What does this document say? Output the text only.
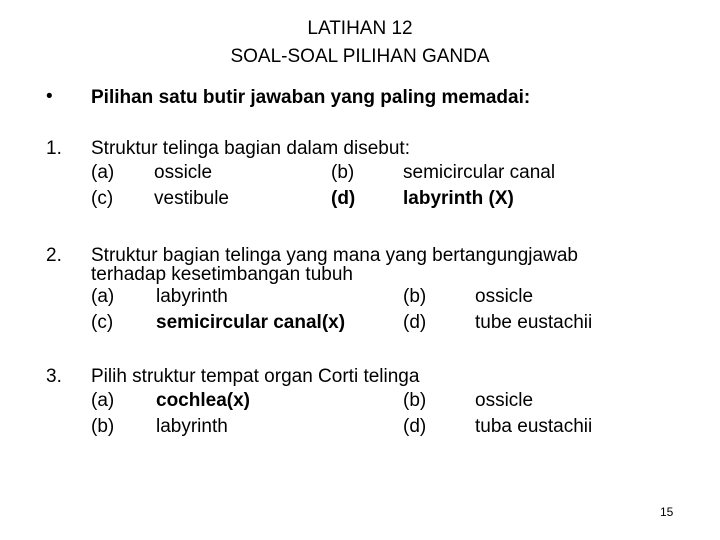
LATIHAN 12
SOAL-SOAL PILIHAN GANDA
• Pilihan satu butir jawaban yang paling memadai:
1. Struktur telinga bagian dalam disebut:
(a) ossicle	(b)	semicircular canal
(c) vestibule	(d)	labyrinth (X)
2. Struktur bagian telinga yang mana yang bertangungjawab
terhadap kesetimbangan tubuh
(a) labyrinth	(b)	ossicle
(c) semicircular canal(x)	(d)	tube eustachii
3. Pilih struktur tempat organ Corti telinga
(a) cochlea(x)	(b)	ossicle
(b) labyrinth	(d)	tuba eustachii
15
